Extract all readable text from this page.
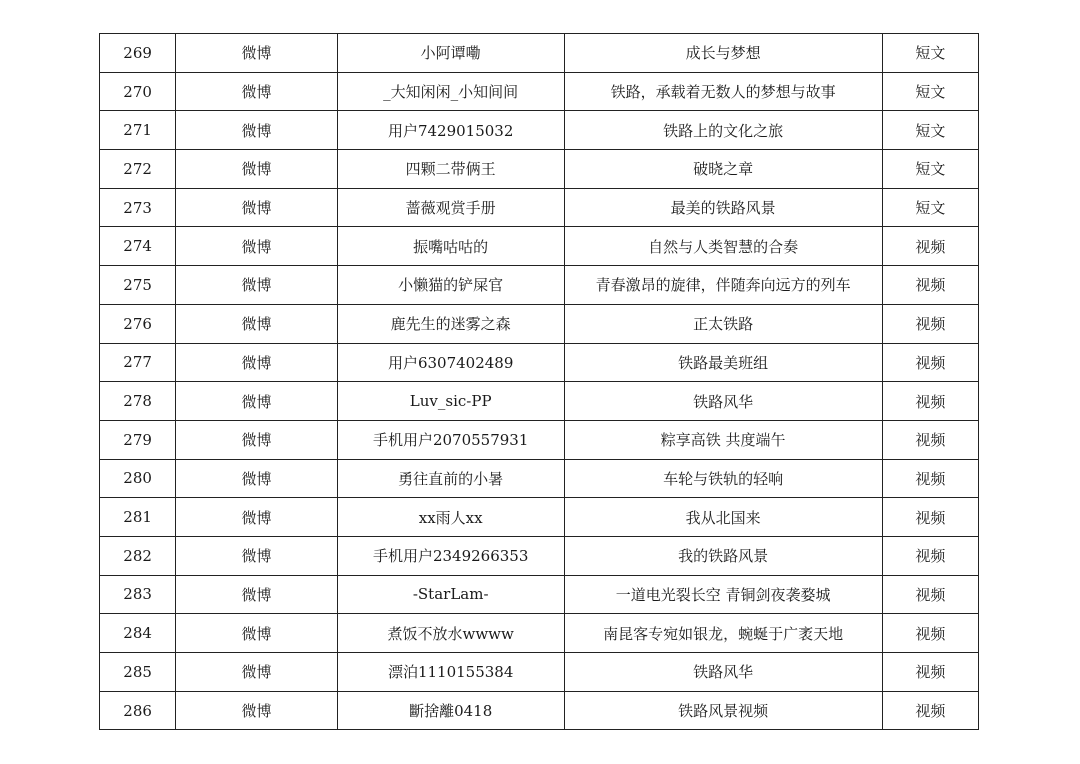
269	微博	小阿谭嘞	成长与梦想	短文
270	微博	_大知闲闲_小知间间	铁路，承载着无数人的梦想与故事	短文
271	微博	用户7429015032	铁路上的文化之旅	短文
272	微博	四颗二带俩王	破晓之章	短文
273	微博	蔷薇观赏手册	最美的铁路风景	短文
274	微博	振嘴咕咕的	自然与人类智慧的合奏	视频
275	微博	小懒猫的铲屎官	青春激昂的旋律，伴随奔向远方的列车	视频
276	微博	鹿先生的迷雾之森	正太铁路	视频
277	微博	用户6307402489	铁路最美班组	视频
278	微博	Luv_sic-PP	铁路风华	视频
279	微博	手机用户2070557931	粽享高铁 共度端午	视频
280	微博	勇往直前的小暑	车轮与铁轨的轻响	视频
281	微博	xx雨人xx	我从北国来	视频
282	微博	手机用户2349266353	我的铁路风景	视频
283	微博	-StarLam-	一道电光裂长空 青铜剑夜袭婺城	视频
284	微博	煮饭不放水wwww	南昆客专宛如银龙，蜿蜒于广袤天地	视频
285	微博	漂泊1110155384	铁路风华	视频
286	微博	斷捨離0418	铁路风景视频	视频
